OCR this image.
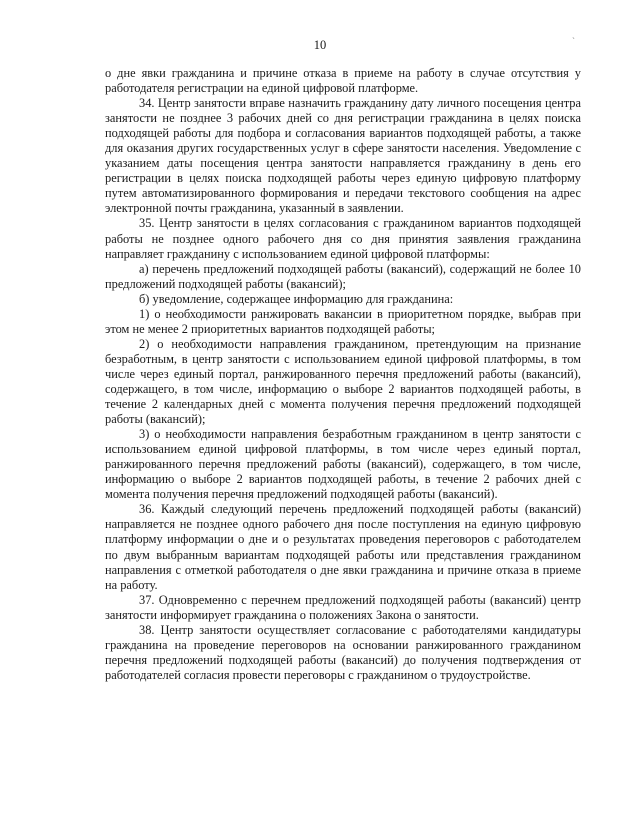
10

о дне явки гражданина и причине отказа в приеме на работу в случае отсутствия у работодателя регистрации на единой цифровой платформе.

34. Центр занятости вправе назначить гражданину дату личного посещения центра занятости не позднее 3 рабочих дней со дня регистрации гражданина в целях поиска подходящей работы для подбора и согласования вариантов подходящей работы, а также для оказания других государственных услуг в сфере занятости населения. Уведомление с указанием даты посещения центра занятости направляется гражданину в день его регистрации в целях поиска подходящей работы через единую цифровую платформу путем автоматизированного формирования и передачи текстового сообщения на адрес электронной почты гражданина, указанный в заявлении.

35. Центр занятости в целях согласования с гражданином вариантов подходящей работы не позднее одного рабочего дня со дня принятия заявления гражданина направляет гражданину с использованием единой цифровой платформы:

а) перечень предложений подходящей работы (вакансий), содержащий не более 10 предложений подходящей работы (вакансий);

б) уведомление, содержащее информацию для гражданина:

1) о необходимости ранжировать вакансии в приоритетном порядке, выбрав при этом не менее 2 приоритетных вариантов подходящей работы;

2) о необходимости направления гражданином, претендующим на признание безработным, в центр занятости с использованием единой цифровой платформы, в том числе через единый портал, ранжированного перечня предложений работы (вакансий), содержащего, в том числе, информацию о выборе 2 вариантов подходящей работы, в течение 2 календарных дней с момента получения перечня предложений подходящей работы (вакансий);

3) о необходимости направления безработным гражданином в центр занятости с использованием единой цифровой платформы, в том числе через единый портал, ранжированного перечня предложений работы (вакансий), содержащего, в том числе, информацию о выборе 2 вариантов подходящей работы, в течение 2 рабочих дней с момента получения перечня предложений подходящей работы (вакансий).

36. Каждый следующий перечень предложений подходящей работы (вакансий) направляется не позднее одного рабочего дня после поступления на единую цифровую платформу информации о дне и о результатах проведения переговоров с работодателем по двум выбранным вариантам подходящей работы или представления гражданином направления с отметкой работодателя о дне явки гражданина и причине отказа в приеме на работу.

37. Одновременно с перечнем предложений подходящей работы (вакансий) центр занятости информирует гражданина о положениях Закона о занятости.

38. Центр занятости осуществляет согласование с работодателями кандидатуры гражданина на проведение переговоров на основании ранжированного гражданином перечня предложений подходящей работы (вакансий) до получения подтверждения от работодателей согласия провести переговоры с гражданином о трудоустройстве.

ˋ
